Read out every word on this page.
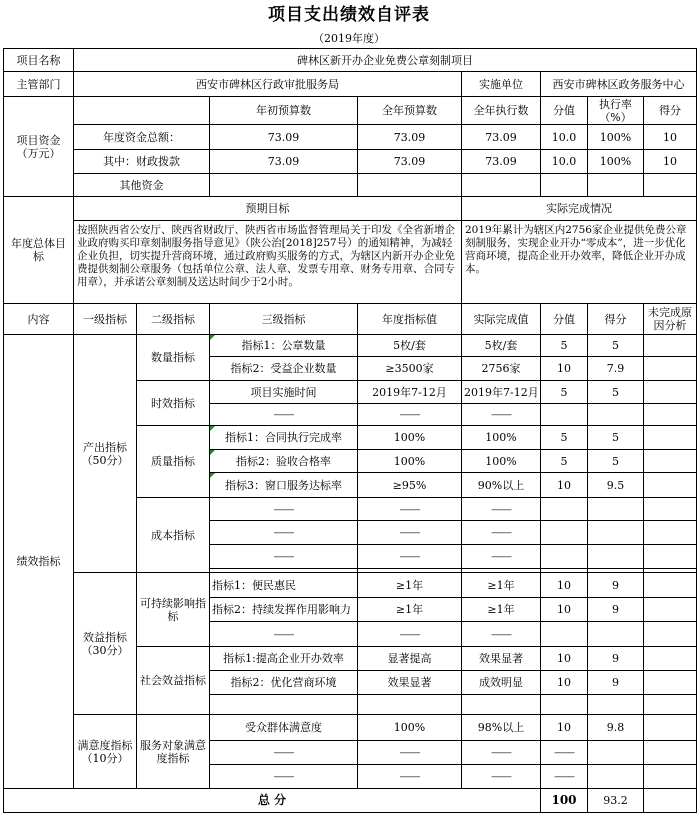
项目支出绩效自评表
（2019年度）
项目名称	碑林区新开办企业免费公章刻制项目							
主管部门	西安市碑林区行政审批服务局				实施单位	西安市碑林区政务服务中心		
项目资金（万元）			年初预算数	全年预算数	全年执行数	分值	执行率（%）	得分
	年度资金总额：		73.09	73.09	73.09	10.0	100%	10
	其中：财政拨款		73.09	73.09	73.09	10.0	100%	10
	其他资金							
年度总体目标	预期目标				实际完成情况			
	按照陕西省公安厅、陕西省财政厅、陕西省市场监督管理局关于印发《全省新增企业政府购买印章刻制服务指导意见》（陕公治[2018]257号）的通知精神，为减轻企业负担，切实提升营商环境，通过政府购买服务的方式，为辖区内新开办企业免费提供刻制公章服务（包括单位公章、法人章、发票专用章、财务专用章、合同专用章），并承诺公章刻制及送达时间少于2小时。				2019年累计为辖区内2756家企业提供免费公章刻制服务，实现企业开办“零成本”，进一步优化营商环境，提高企业开办效率，降低企业开办成本。			
内容	一级指标	二级指标	三级指标	年度指标值	实际完成值	分值	得分	未完成原因分析
绩效指标	产出指标（50分）	数量指标	指标1：公章数量	5枚/套	5枚/套	5	5	
			指标2：受益企业数量	≥3500家	2756家	10	7.9	
		时效指标	项目实施时间	2019年7-12月	2019年7-12月	5	5	
			——	——	——			
		质量指标	指标1：合同执行完成率	100%	100%	5	5	
			指标2：验收合格率	100%	100%	5	5	
			指标3：窗口服务达标率	≥95%	90%以上	10	9.5	
		成本指标	——	——	——			
			——	——	——			
			——	——	——			

	效益指标（30分）	可持续影响指标	指标1：便民惠民	≥1年	≥1年	10	9	
			指标2：持续发挥作用影响力	≥1年	≥1年	10	9	
			——	——	——			
		社会效益指标	指标1:提高企业开办效率	显著提高	效果显著	10	9	
			指标2：优化营商环境	效果显著	成效明显	10	9	

	满意度指标（10分）	服务对象满意度指标	受众群体满意度	100%	98%以上	10	9.8	
			——	——	——	——		
			——	——	——	——		
总 分						100	93.2	
